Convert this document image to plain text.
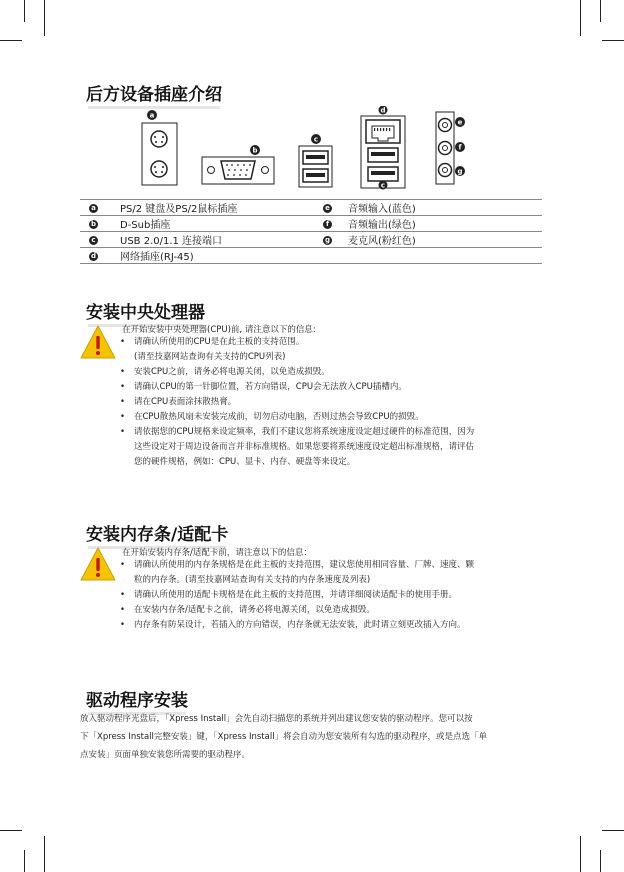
后方设备插座介绍
a
b
c
d
c
e
f
g
a	PS/2 键盘及PS/2鼠标插座	e	音频输入(蓝色)
b	D-Sub插座	f	音频输出(绿色)
c	USB 2.0/1.1 连接端口	g	麦克风(粉红色)
d	网络插座(RJ-45)		
安装中央处理器
在开始安装中央处理器(CPU)前, 请注意以下的信息:
• 请确认所使用的CPU是在此主板的支持范围。
(请至技嘉网站查询有关支持的CPU列表)
• 安装CPU之前，请务必将电源关闭，以免造成损毁。
• 请确认CPU的第一针脚位置，若方向错误，CPU会无法放入CPU插槽内。
• 请在CPU表面涂抹散热膏。
• 在CPU散热风扇未安装完成前，切勿启动电脑，否则过热会导致CPU的损毁。
• 请依据您的CPU规格来设定频率，我们不建议您将系统速度设定超过硬件的标准范围，因为
这些设定对于周边设备而言并非标准规格。如果您要将系统速度设定超出标准规格，请评估
您的硬件规格，例如：CPU、显卡、内存、硬盘等来设定。
安装内存条/适配卡
在开始安装内存条/适配卡前，请注意以下的信息：
• 请确认所使用的内存条规格是在此主板的支持范围，建议您使用相同容量、厂牌、速度、颗
粒的内存条。(请至技嘉网站查询有关支持的内存条速度及列表)
• 请确认所使用的适配卡规格是在此主板的支持范围，并请详细阅读适配卡的使用手册。
• 在安装内存条/适配卡之前，请务必将电源关闭，以免造成损毁。
• 内存条有防呆设计，若插入的方向错误，内存条就无法安装，此时请立刻更改插入方向。
驱动程序安装
放入驱动程序光盘后，「Xpress Install」会先自动扫描您的系统并列出建议您安装的驱动程序。您可以按
下「Xpress Install完整安装」键，「Xpress Install」将会自动为您安装所有勾选的驱动程序，或是点选「单
点安装」页面单独安装您所需要的驱动程序。
